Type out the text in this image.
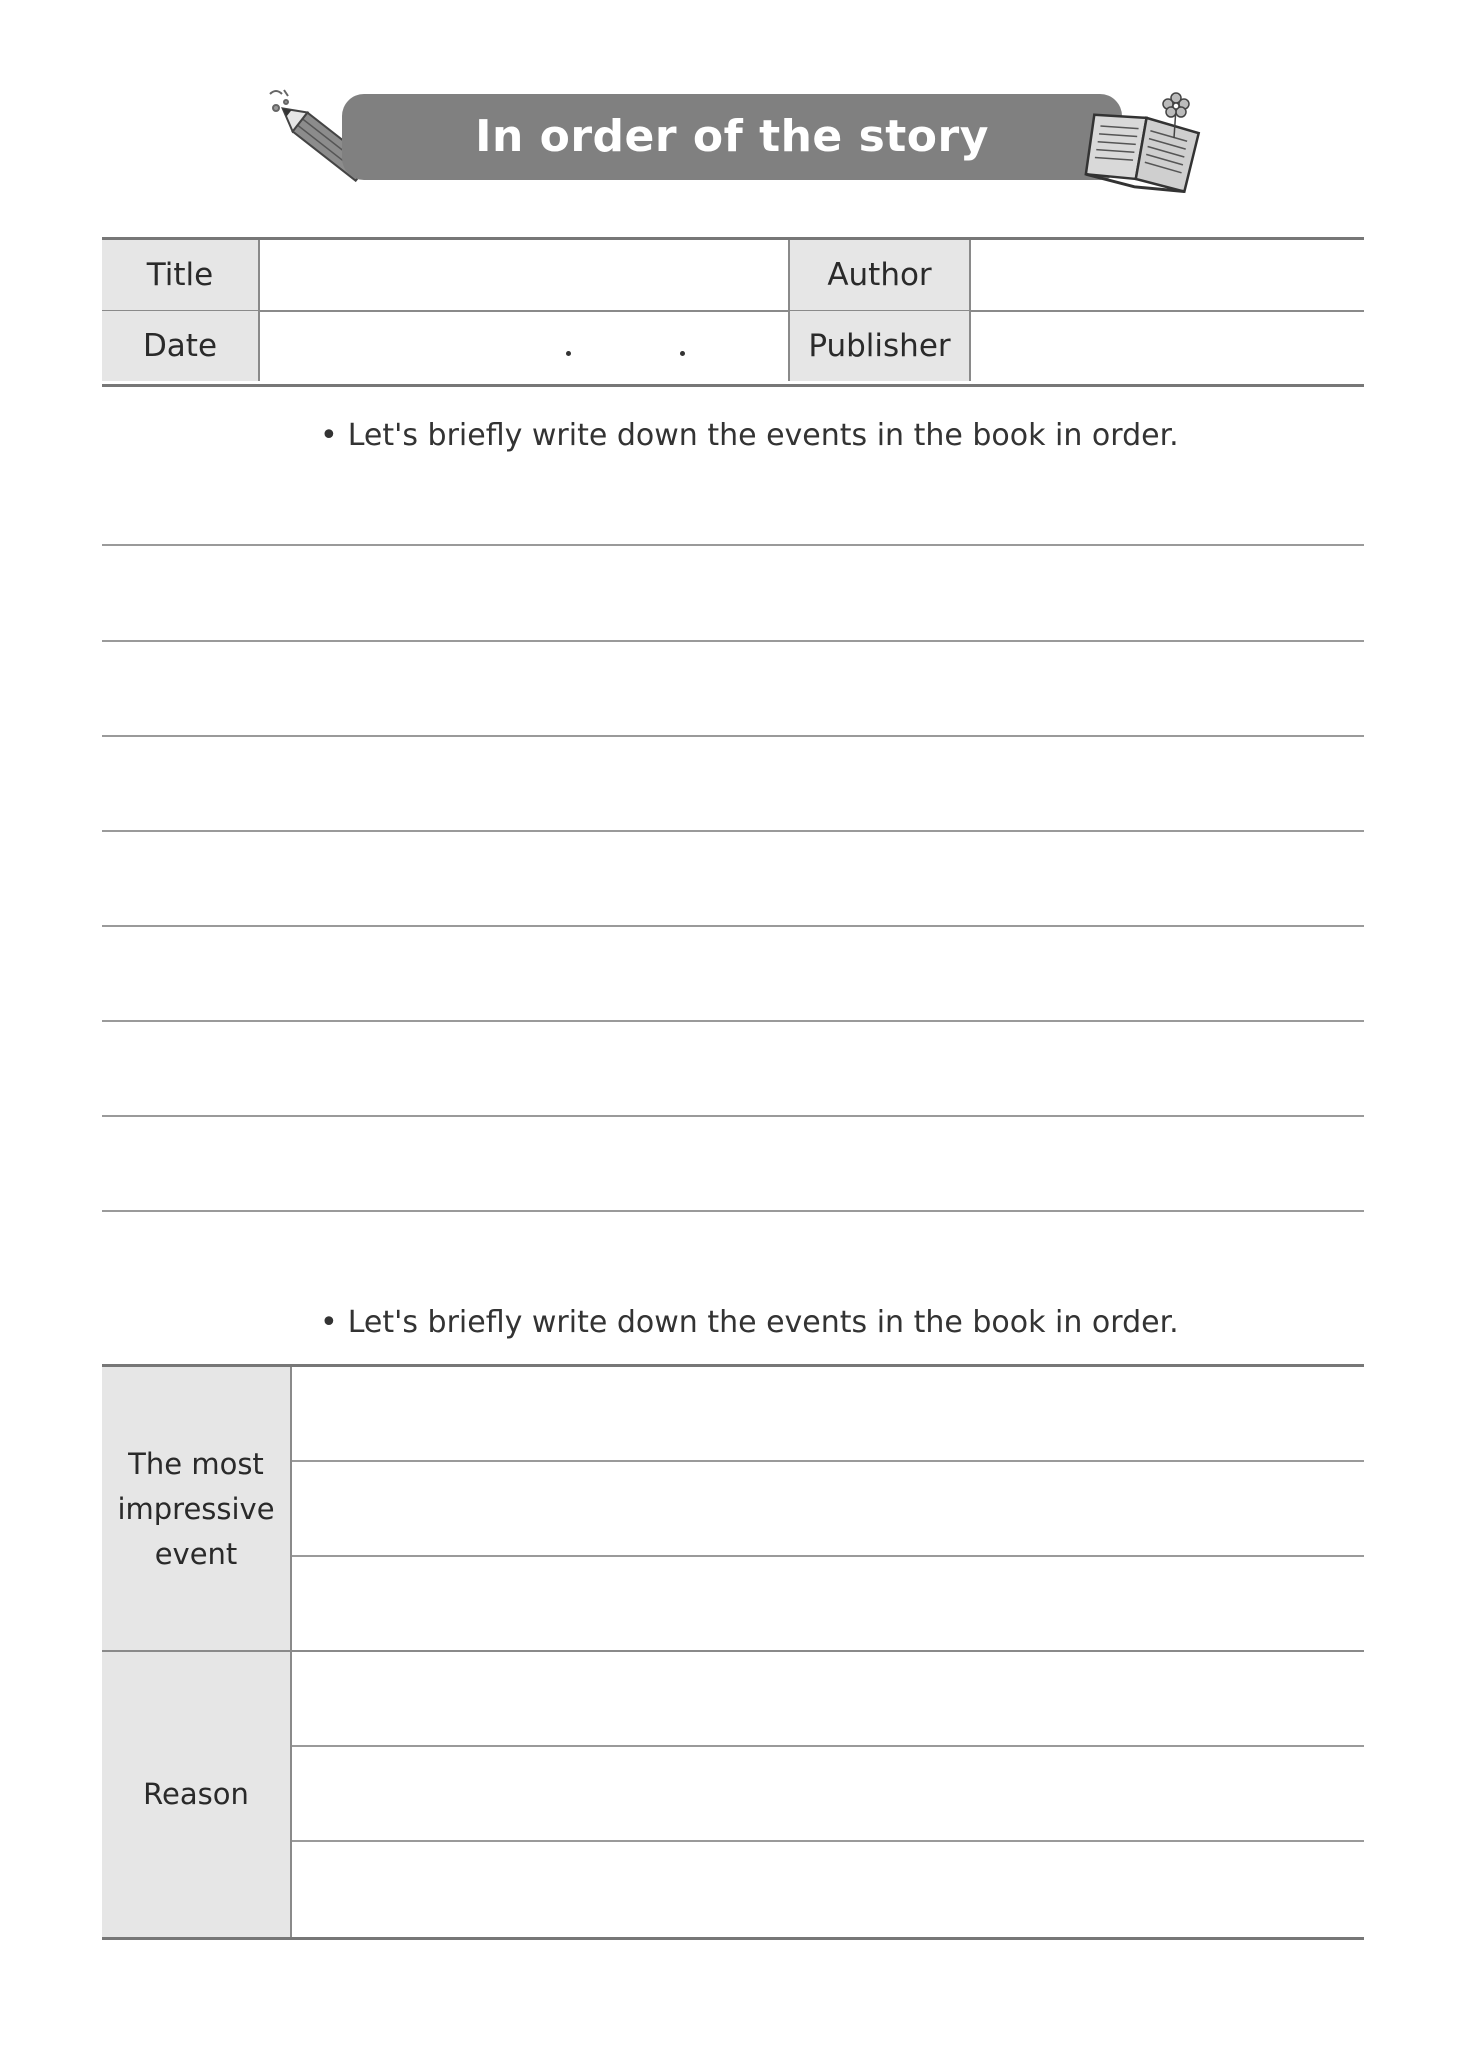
In order of the story
Title	Author
Date	Publisher
• Let's briefly write down the events in the book in order.
• Let's briefly write down the events in the book in order.
The most impressive event
Reason
